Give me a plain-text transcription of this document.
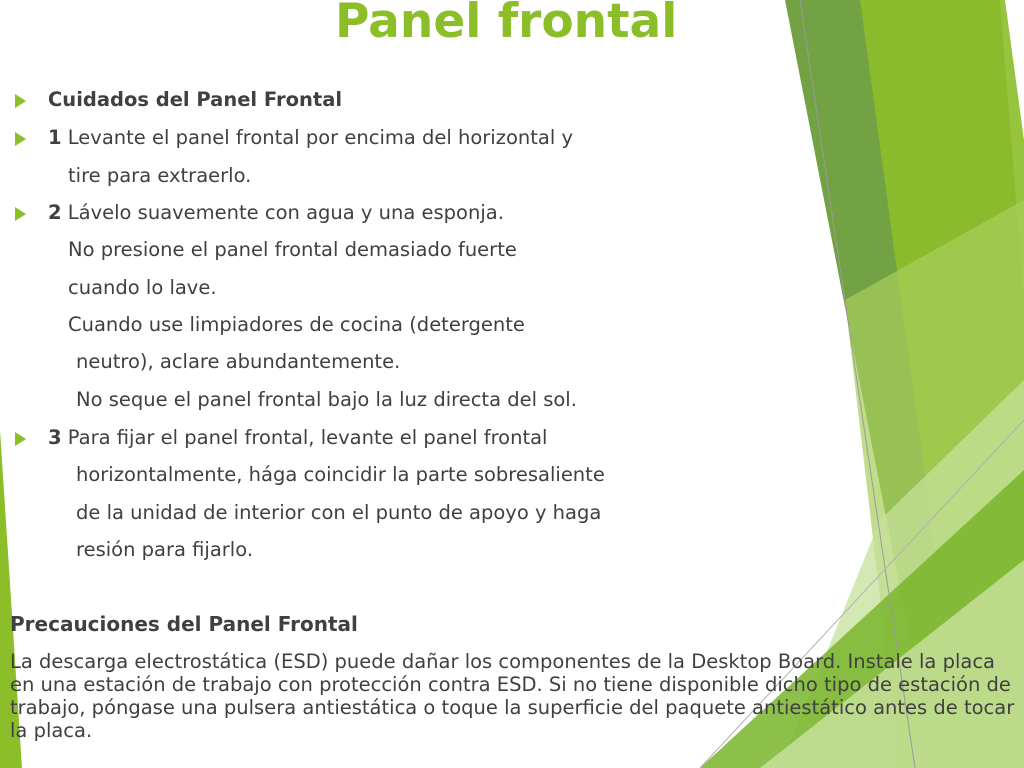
Panel frontal
Cuidados del Panel Frontal
1 Levante el panel frontal por encima del horizontal y
tire para extraerlo.
2 Lávelo suavemente con agua y una esponja.
No presione el panel frontal demasiado fuerte
cuando lo lave.
Cuando use limpiadores de cocina (detergente
neutro), aclare abundantemente.
No seque el panel frontal bajo la luz directa del sol.
3 Para fijar el panel frontal, levante el panel frontal
horizontalmente, hága coincidir la parte sobresaliente
de la unidad de interior con el punto de apoyo y haga
resión para fijarlo.
Precauciones del Panel Frontal
La descarga electrostática (ESD) puede dañar los componentes de la Desktop Board. Instale la placa en una estación de trabajo con protección contra ESD. Si no tiene disponible dicho tipo de estación de trabajo, póngase una pulsera antiestática o toque la superficie del paquete antiestático antes de tocar la placa.
